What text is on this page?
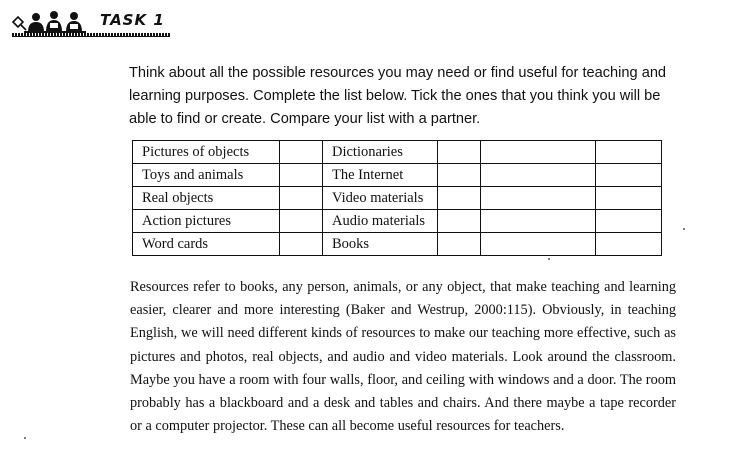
TASK 1

Think about all the possible resources you may need or find useful for teaching and learning purposes. Complete the list below. Tick the ones that you think you will be able to find or create. Compare your list with a partner.

Pictures of objects		Dictionaries			
Toys and animals		The Internet			
Real objects		Video materials			
Action pictures		Audio materials			
Word cards		Books			

Resources refer to books, any person, animals, or any object, that make teaching and learning easier, clearer and more interesting (Baker and Westrup, 2000:115). Obviously, in teaching English, we will need different kinds of resources to make our teaching more effective, such as pictures and photos, real objects, and audio and video materials. Look around the classroom. Maybe you have a room with four walls, floor, and ceiling with windows and a door. The room probably has a blackboard and a desk and tables and chairs. And there maybe a tape recorder or a computer projector. These can all become useful resources for teachers.
